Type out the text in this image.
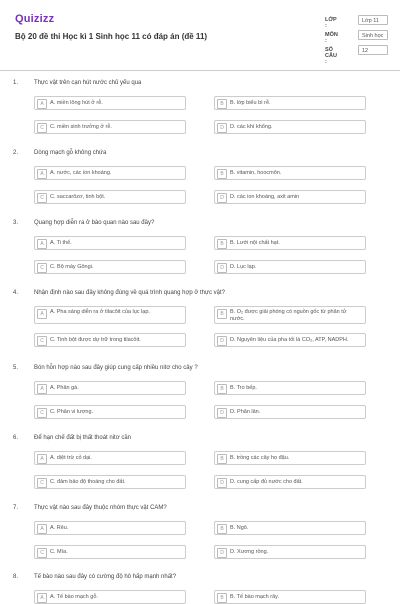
Quizizz
Bộ 20 đề thi Học kì 1 Sinh học 11 có đáp án (đề 11)
LỚP :
Lớp 11
MÔN :
Sinh học
SỐ CÂU :
12
1.	Thực vật trên cạn hút nước chủ yếu qua
A	A. miền lông hút ở rễ.	B	B. lớp biểu bì rễ.
C	C. miền sinh trưởng ở rễ.	D	D. các khí khổng.
2.	Dòng mạch gỗ không chứa
A	A. nước, các ion khoáng.	B	B. vitamin, hoocmôn.
C	C. saccarôzơ, tinh bột.	D	D. các ion khoáng, axit amin
3.	Quang hợp diễn ra ở bào quan nào sau đây?
A	A. Ti thể.	B	B. Lưới nội chất hạt.
C	C. Bộ máy Gôngi.	D	D. Lục lạp.
4.	Nhận định nào sau đây không đúng về quá trình quang hợp ở thực vật?
A	A. Pha sáng diễn ra ở tilacôit của lục lạp.	B	B. O₂ được giải phóng có nguồn gốc từ phân tử nước.
C	C. Tinh bột được dự trữ trong tilacôit.	D	D. Nguyên liệu của pha tối là CO₂, ATP, NADPH.
5.	Bón hỗn hợp nào sau đây giúp cung cấp nhiều nitơ cho cây ?
A	A. Phân gà.	B	B. Tro bếp.
C	C. Phân vi lượng.	D	D. Phân lân.
6.	Để hạn chế đất bị thất thoát nitơ cần
A	A. diệt trừ cỏ dại.	B	B. trồng các cây họ đậu.
C	C. đảm bảo độ thoáng cho đất.	D	D. cung cấp đủ nước cho đất.
7.	Thực vật nào sau đây thuộc nhóm thực vật CAM?
A	A. Rêu.	B	B. Ngô.
C	C. Mía.	D	D. Xương rồng.
8.	Tế bào nào sau đây có cường độ hô hấp mạnh nhất?
A	A. Tế bào mạch gỗ.	B	B. Tế bào mạch rây.
